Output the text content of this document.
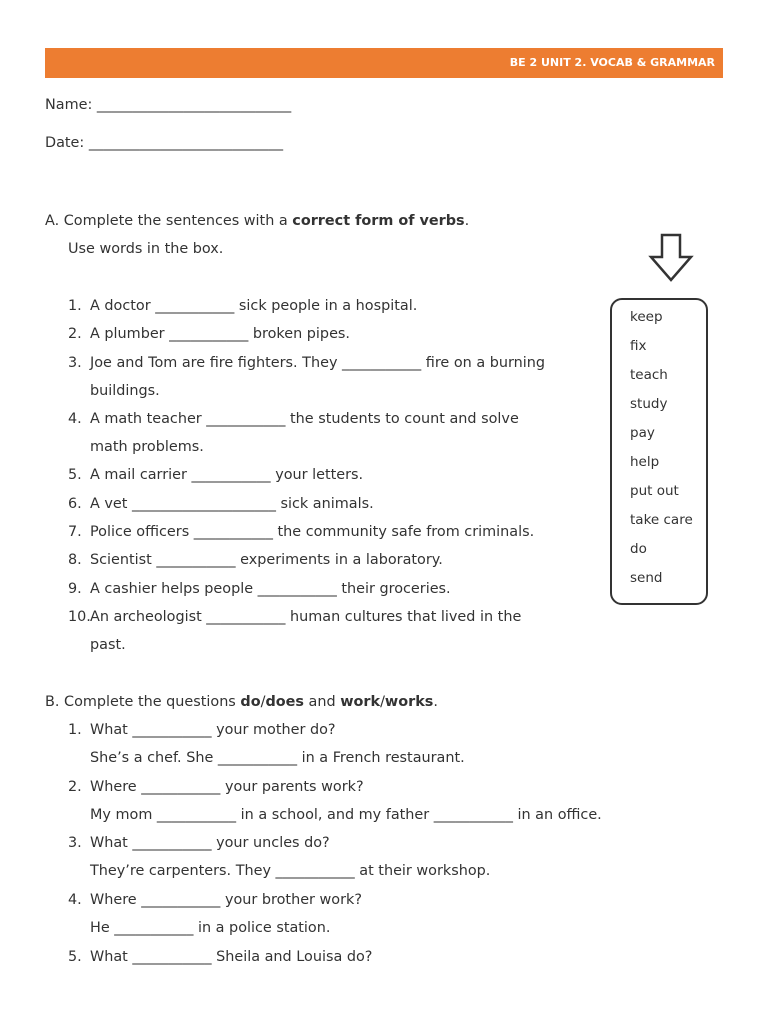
BE 2 UNIT 2. VOCAB & GRAMMAR
Name: ___________________________
Date: ___________________________
A. Complete the sentences with a correct form of verbs.
Use words in the box.
1. A doctor ___________ sick people in a hospital.
2. A plumber ___________ broken pipes.
3. Joe and Tom are fire fighters. They ___________ fire on a burning
buildings.
4. A math teacher ___________ the students to count and solve
math problems.
5. A mail carrier ___________ your letters.
6. A vet ____________________ sick animals.
7. Police officers ___________ the community safe from criminals.
8. Scientist ___________ experiments in a laboratory.
9. A cashier helps people ___________ their groceries.
10.An archeologist ___________ human cultures that lived in the
past.
keep
fix
teach
study
pay
help
put out
take care
do
send
B. Complete the questions do/does and work/works.
1. What ___________ your mother do?
She’s a chef. She ___________ in a French restaurant.
2. Where ___________ your parents work?
My mom ___________ in a school, and my father ___________ in an office.
3. What ___________ your uncles do?
They’re carpenters. They ___________ at their workshop.
4. Where ___________ your brother work?
He ___________ in a police station.
5. What ___________ Sheila and Louisa do?
